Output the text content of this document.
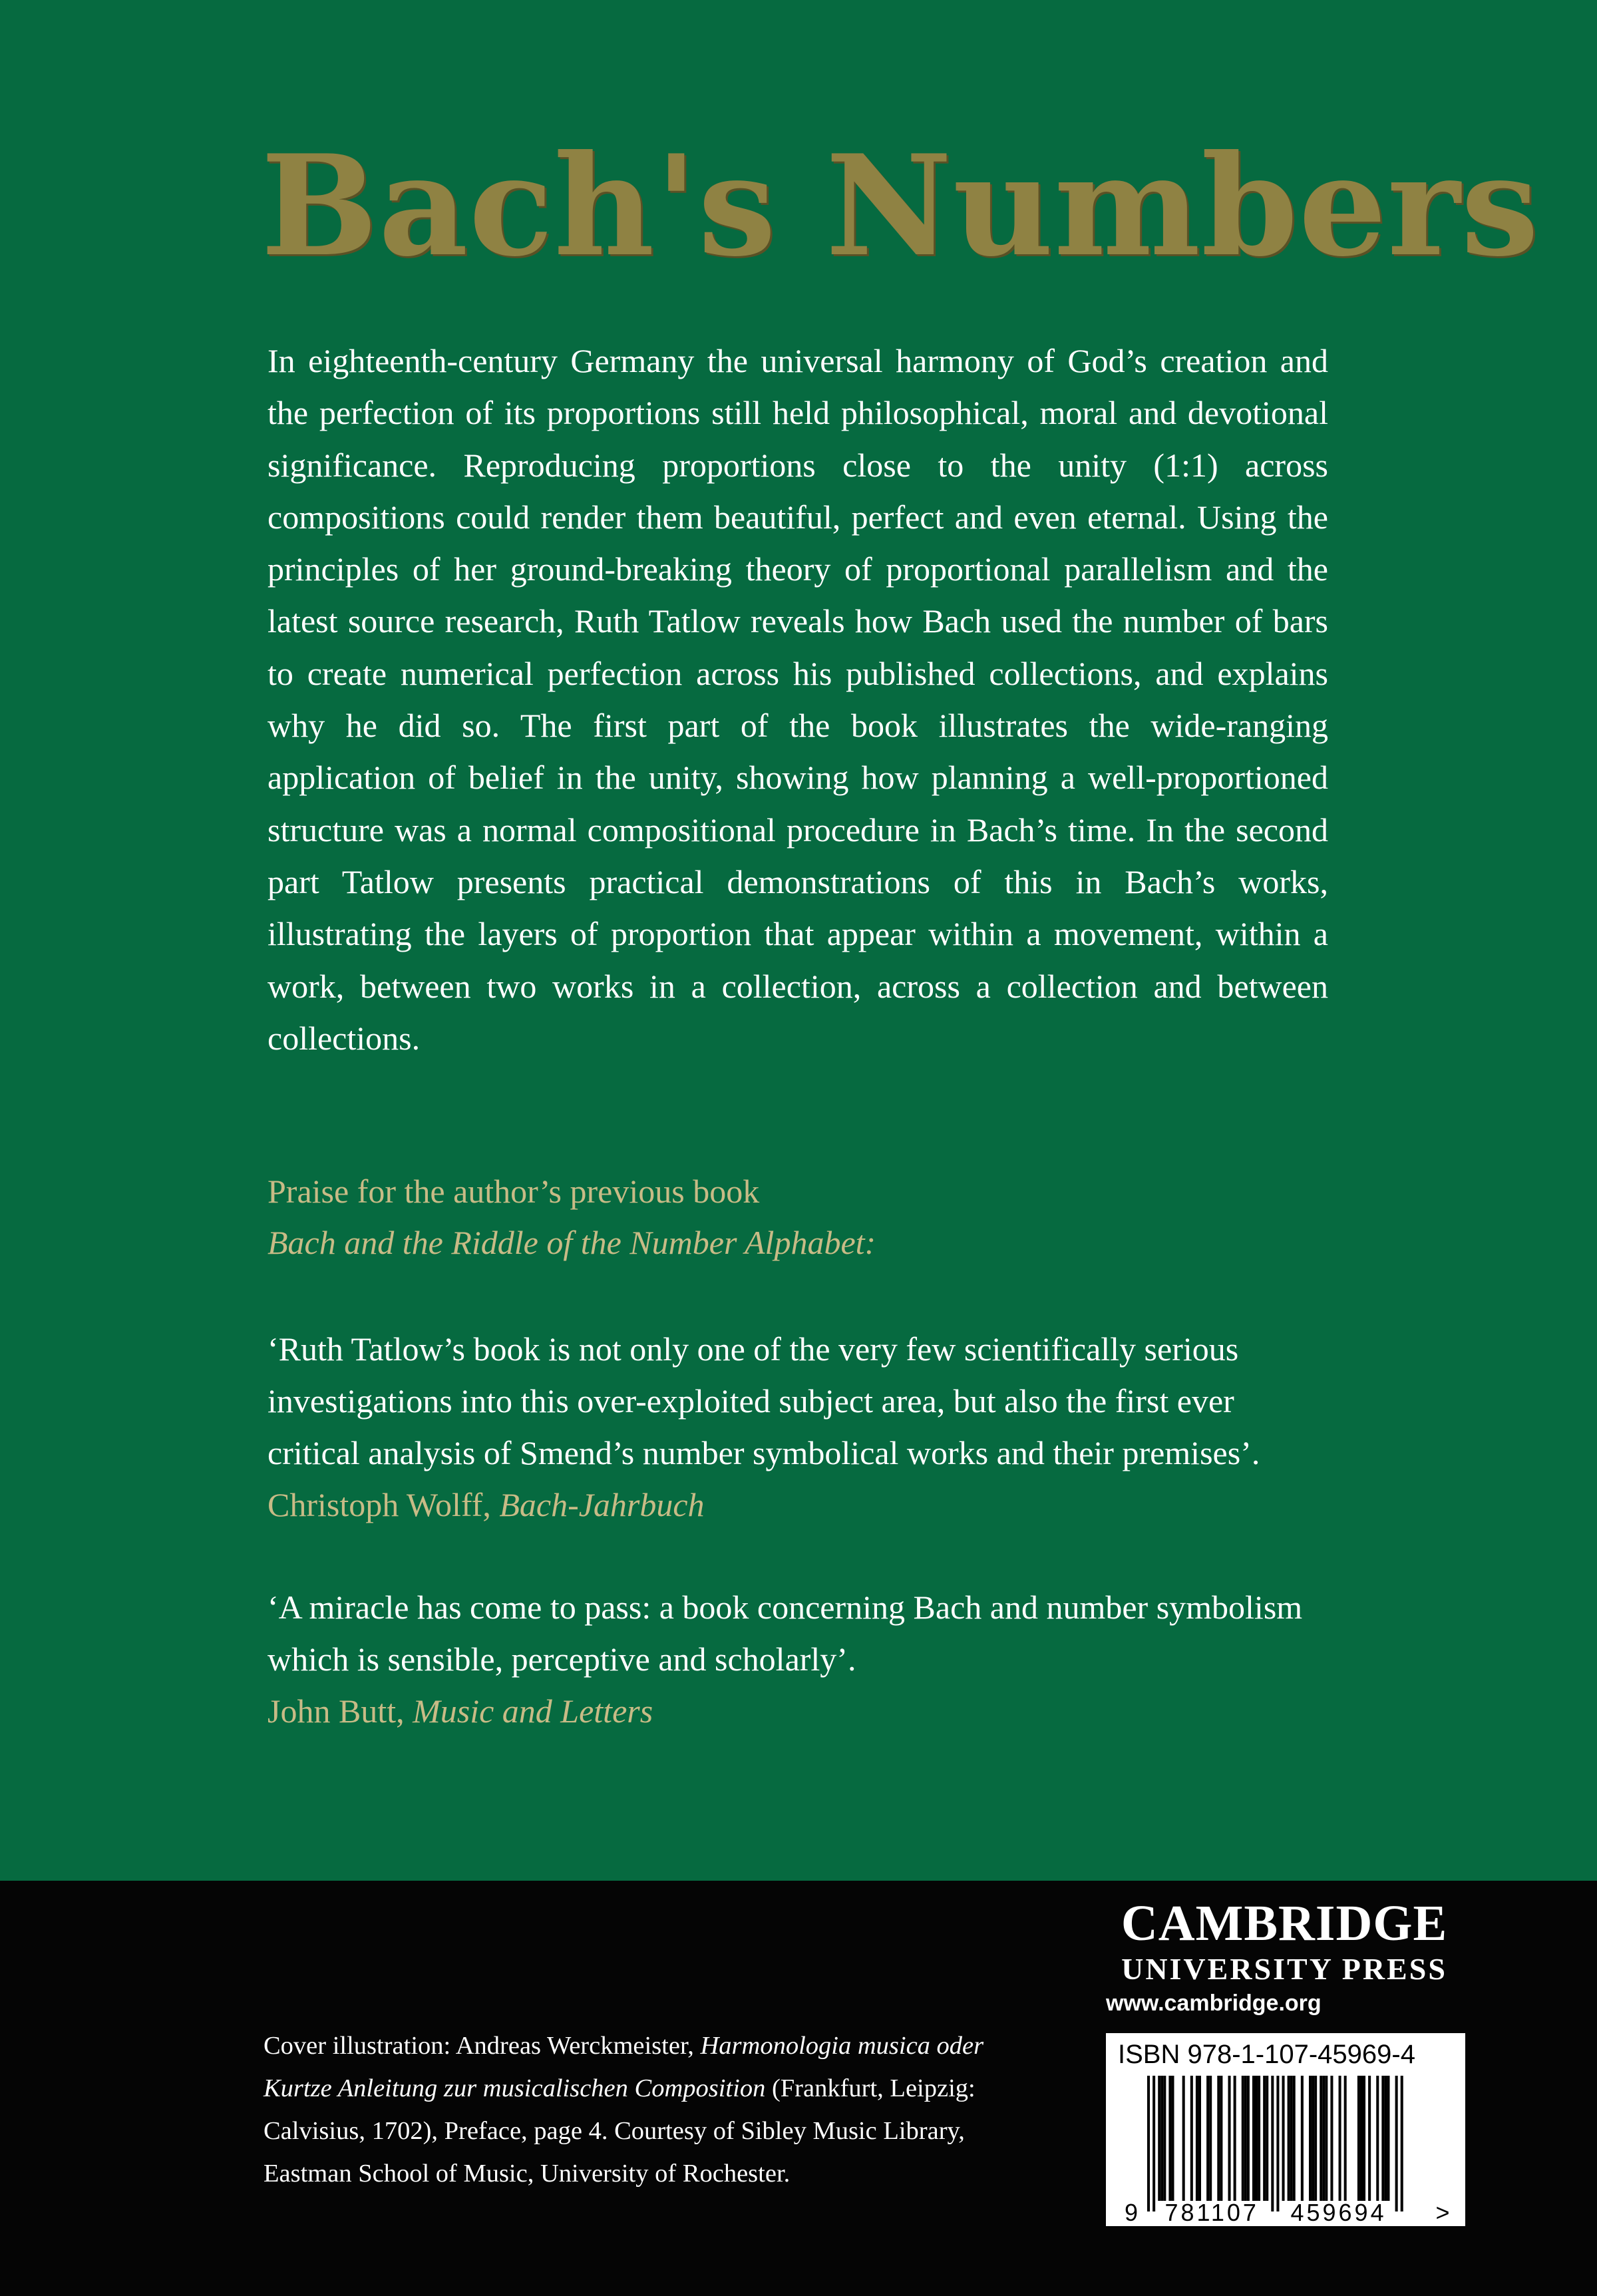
Bach's Numbers
In eighteenth-century Germany the universal harmony of God’s creation and the perfection of its proportions still held philosophical, moral and devotional significance. Reproducing proportions close to the unity (1:1) across compositions could render them beautiful, perfect and even eternal. Using the principles of her ground-breaking theory of proportional parallelism and the latest source research, Ruth Tatlow reveals how Bach used the number of bars to create numerical perfection across his published collections, and explains why he did so. The first part of the book illustrates the wide-ranging application of belief in the unity, showing how planning a well-proportioned structure was a normal compositional procedure in Bach’s time. In the second part Tatlow presents practical demonstrations of this in Bach’s works, illustrating the layers of proportion that appear within a movement, within a work, between two works in a collection, across a collection and between collections.
Praise for the author’s previous book
Bach and the Riddle of the Number Alphabet:
‘Ruth Tatlow’s book is not only one of the very few scientifically serious investigations into this over-exploited subject area, but also the first ever critical analysis of Smend’s number symbolical works and their premises’.
Christoph Wolff, Bach-Jahrbuch
‘A miracle has come to pass: a book concerning Bach and number symbolism which is sensible, perceptive and scholarly’.
John Butt, Music and Letters
Cover illustration: Andreas Werckmeister, Harmonologia musica oder Kurtze Anleitung zur musicalischen Composition (Frankfurt, Leipzig: Calvisius, 1702), Preface, page 4. Courtesy of Sibley Music Library, Eastman School of Music, University of Rochester.
CAMBRIDGE
UNIVERSITY PRESS
www.cambridge.org
9 781107 459694 >
ISBN 978-1-107-45969-4
